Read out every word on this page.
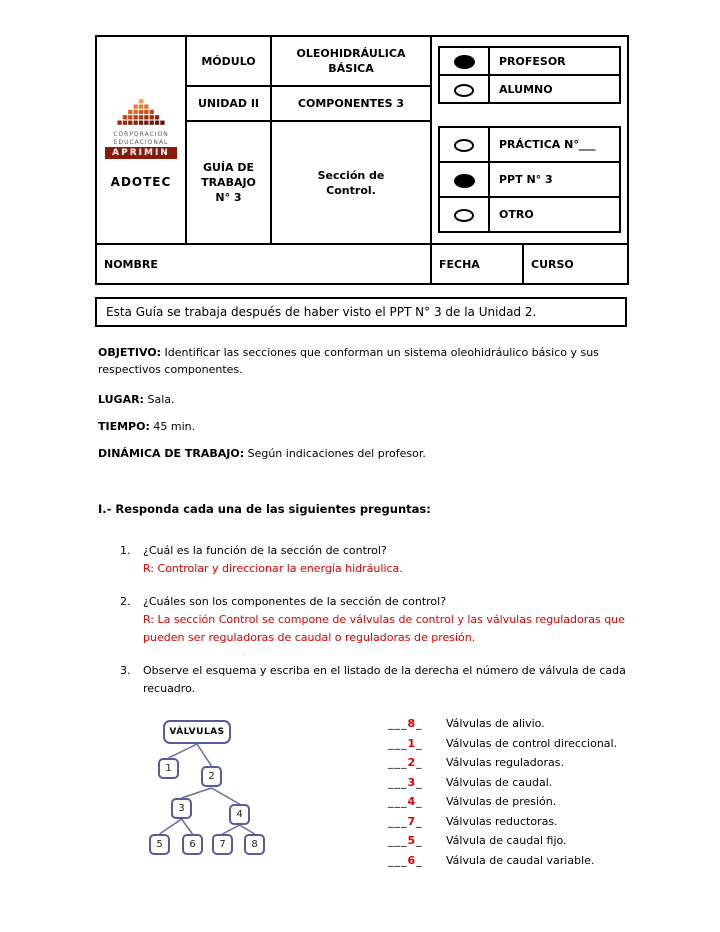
CORPORACION
EDUCACIONAL
APRIMIN
ADOTEC
	MÓDULO	OLEOHIDRÁULICA BÁSICA	
	PROFESOR
	ALUMNO
	PRÁCTICA N°___
	PPT N° 3
	OTRO

UNIDAD II	COMPONENTES 3
GUÍA DE TRABAJO N° 3	Sección de Control.
NOMBRE	FECHA	CURSO
Esta Guía se trabaja después de haber visto el PPT N° 3 de la Unidad 2.

OBJETIVO: Identificar las secciones que conforman un sistema oleohidráulico básico y sus respectivos componentes.

LUGAR: Sala.

TIEMPO: 45 min.

DINÁMICA DE TRABAJO: Según indicaciones del profesor.

I.- Responda cada una de las siguientes preguntas:
1.	¿Cuál es la función de la sección de control?
R: Controlar y direccionar la energía hidráulica.
2.	¿Cuáles son los componentes de la sección de control?
R: La sección Control se compone de válvulas de control y las válvulas reguladoras que pueden ser reguladoras de caudal o reguladoras de presión.
3.	Observe el esquema y escriba en el listado de la derecha el número de válvula de cada recuadro.
VÁLVULAS
1
2
3
4
5	6	7	8
___8_ Válvulas de alivio.
___1_ Válvulas de control direccional.
___2_ Válvulas reguladoras.
___3_ Válvulas de caudal.
___4_ Válvulas de presión.
___7_ Válvulas reductoras.
___5_ Válvula de caudal fijo.
___6_ Válvula de caudal variable.
